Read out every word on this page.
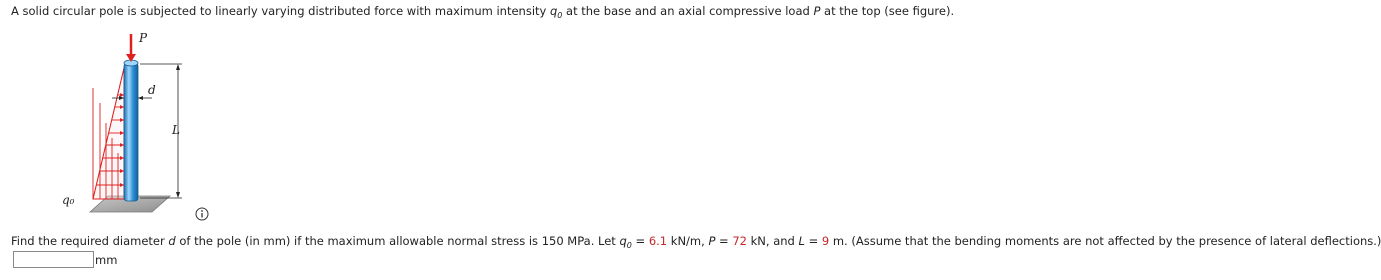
A solid circular pole is subjected to linearly varying distributed force with maximum intensity $q_0$ at the base and an axial compressive load P at the top (see figure).
P
d
L
q₀
Find the required diameter d of the pole (in mm) if the maximum allowable normal stress is 150 MPa. Let $q_0 = 6.1$ kN/m, P = 72 kN, and L = 9 m. (Assume that the bending moments are not affected by the presence of lateral deflections.)
mm
